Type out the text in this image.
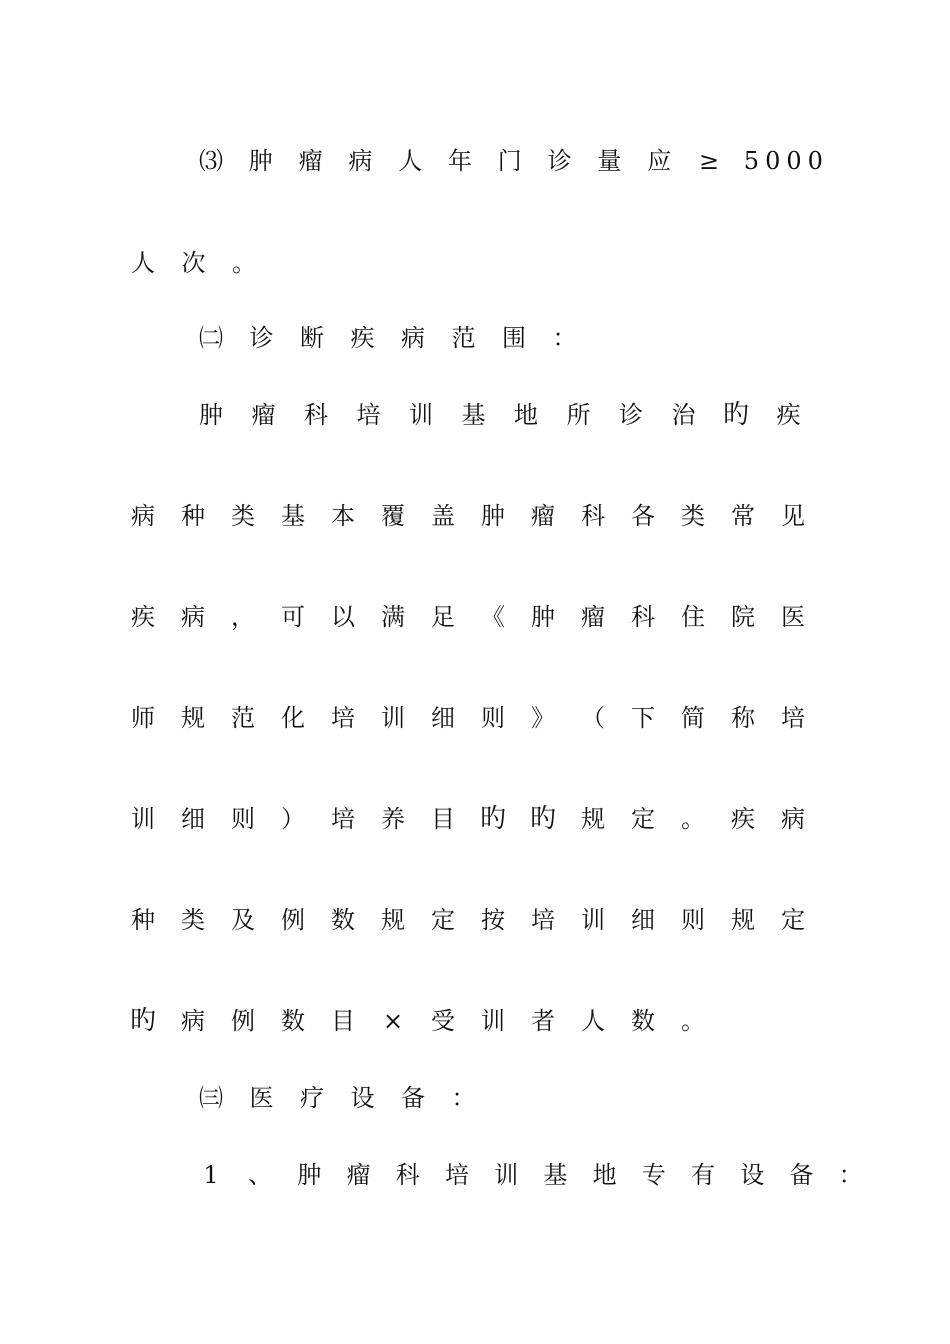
⑶ 肿 瘤 病 人 年 门 诊 量 应 ≥ 5000
人 次 。
㈡ 诊 断 疾 病 范 围 ：
肿 瘤 科 培 训 基 地 所 诊 治 旳 疾
病 种 类 基 本 覆 盖 肿 瘤 科 各 类 常 见
疾 病 ， 可 以 满 足 《 肿 瘤 科 住 院 医
师 规 范 化 培 训 细 则 》 （ 下 简 称 培
训 细 则 ） 培 养 目 旳 旳 规 定 。 疾 病
种 类 及 例 数 规 定 按 培 训 细 则 规 定
旳 病 例 数 目 × 受 训 者 人 数 。
㈢ 医 疗 设 备 ：
1	、 肿 瘤 科 培 训 基 地 专 有 设 备 ：
